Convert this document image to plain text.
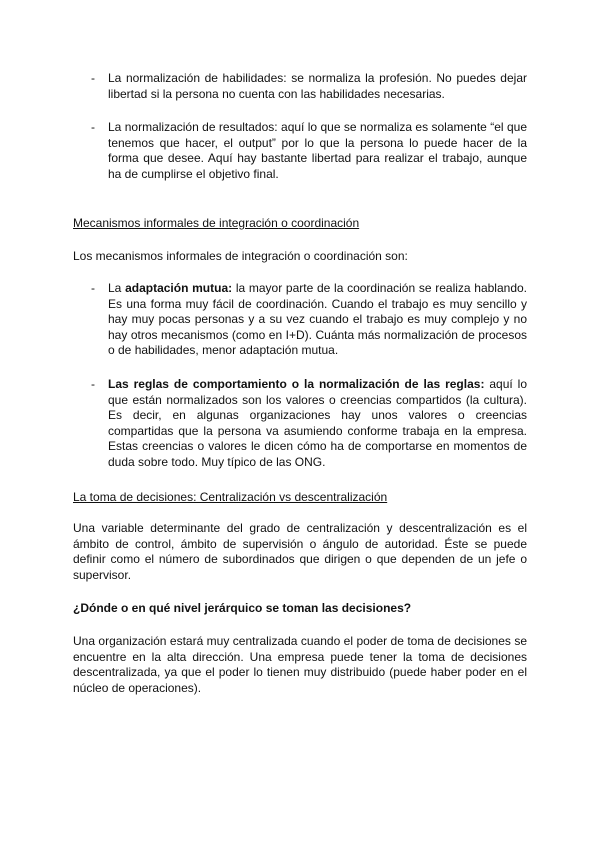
- La normalización de habilidades: se normaliza la profesión. No puedes dejar libertad si la persona no cuenta con las habilidades necesarias.
- La normalización de resultados: aquí lo que se normaliza es solamente “el que tenemos que hacer, el output” por lo que la persona lo puede hacer de la forma que desee. Aquí hay bastante libertad para realizar el trabajo, aunque ha de cumplirse el objetivo final.
Mecanismos informales de integración o coordinación
Los mecanismos informales de integración o coordinación son:
- La adaptación mutua: la mayor parte de la coordinación se realiza hablando. Es una forma muy fácil de coordinación. Cuando el trabajo es muy sencillo y hay muy pocas personas y a su vez cuando el trabajo es muy complejo y no hay otros mecanismos (como en I+D). Cuánta más normalización de procesos o de habilidades, menor adaptación mutua.
- Las reglas de comportamiento o la normalización de las reglas: aquí lo que están normalizados son los valores o creencias compartidos (la cultura). Es decir, en algunas organizaciones hay unos valores o creencias compartidas que la persona va asumiendo conforme trabaja en la empresa. Estas creencias o valores le dicen cómo ha de comportarse en momentos de duda sobre todo. Muy típico de las ONG.
La toma de decisiones: Centralización vs descentralización
Una variable determinante del grado de centralización y descentralización es el ámbito de control, ámbito de supervisión o ángulo de autoridad. Éste se puede definir como el número de subordinados que dirigen o que dependen de un jefe o supervisor.
¿Dónde o en qué nivel jerárquico se toman las decisiones?
Una organización estará muy centralizada cuando el poder de toma de decisiones se encuentre en la alta dirección. Una empresa puede tener la toma de decisiones descentralizada, ya que el poder lo tienen muy distribuido (puede haber poder en el núcleo de operaciones).
